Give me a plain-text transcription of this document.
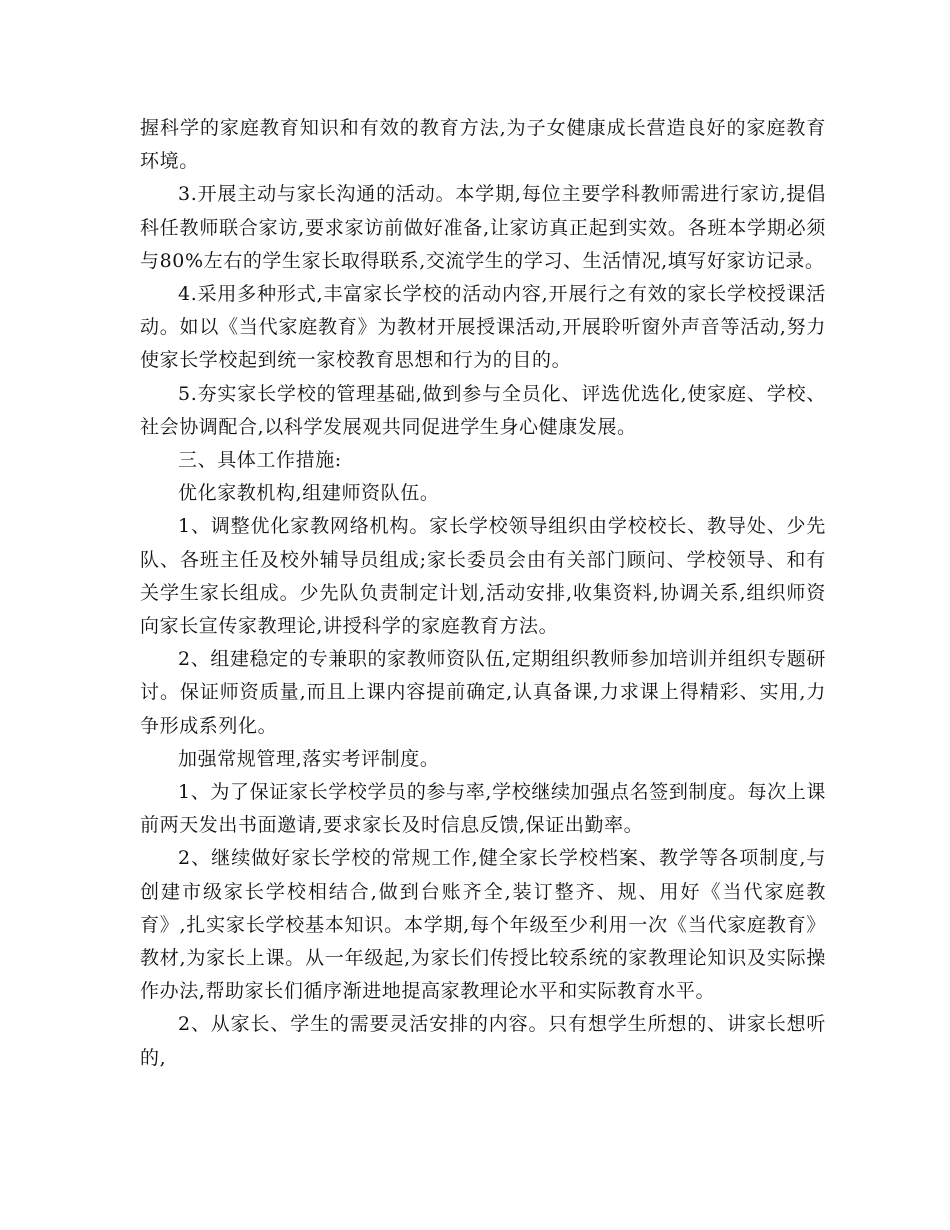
握科学的家庭教育知识和有效的教育方法,为子女健康成长营造良好的家庭教育环境。

3.开展主动与家长沟通的活动。本学期,每位主要学科教师需进行家访,提倡科任教师联合家访,要求家访前做好准备,让家访真正起到实效。各班本学期必须与80%左右的学生家长取得联系,交流学生的学习、生活情况,填写好家访记录。

4.采用多种形式,丰富家长学校的活动内容,开展行之有效的家长学校授课活动。如以《当代家庭教育》为教材开展授课活动,开展聆听窗外声音等活动,努力使家长学校起到统一家校教育思想和行为的目的。

5.夯实家长学校的管理基础,做到参与全员化、评选优选化,使家庭、学校、社会协调配合,以科学发展观共同促进学生身心健康发展。

三、具体工作措施:

优化家教机构,组建师资队伍。

1、调整优化家教网络机构。家长学校领导组织由学校校长、教导处、少先队、各班主任及校外辅导员组成;家长委员会由有关部门顾问、学校领导、和有关学生家长组成。少先队负责制定计划,活动安排,收集资料,协调关系,组织师资向家长宣传家教理论,讲授科学的家庭教育方法。

2、组建稳定的专兼职的家教师资队伍,定期组织教师参加培训并组织专题研讨。保证师资质量,而且上课内容提前确定,认真备课,力求课上得精彩、实用,力争形成系列化。

加强常规管理,落实考评制度。

1、为了保证家长学校学员的参与率,学校继续加强点名签到制度。每次上课前两天发出书面邀请,要求家长及时信息反馈,保证出勤率。

2、继续做好家长学校的常规工作,健全家长学校档案、教学等各项制度,与创建市级家长学校相结合,做到台账齐全,装订整齐、规、用好《当代家庭教育》,扎实家长学校基本知识。本学期,每个年级至少利用一次《当代家庭教育》教材,为家长上课。从一年级起,为家长们传授比较系统的家教理论知识及实际操作办法,帮助家长们循序渐进地提高家教理论水平和实际教育水平。

2、从家长、学生的需要灵活安排的内容。只有想学生所想的、讲家长想听的,
